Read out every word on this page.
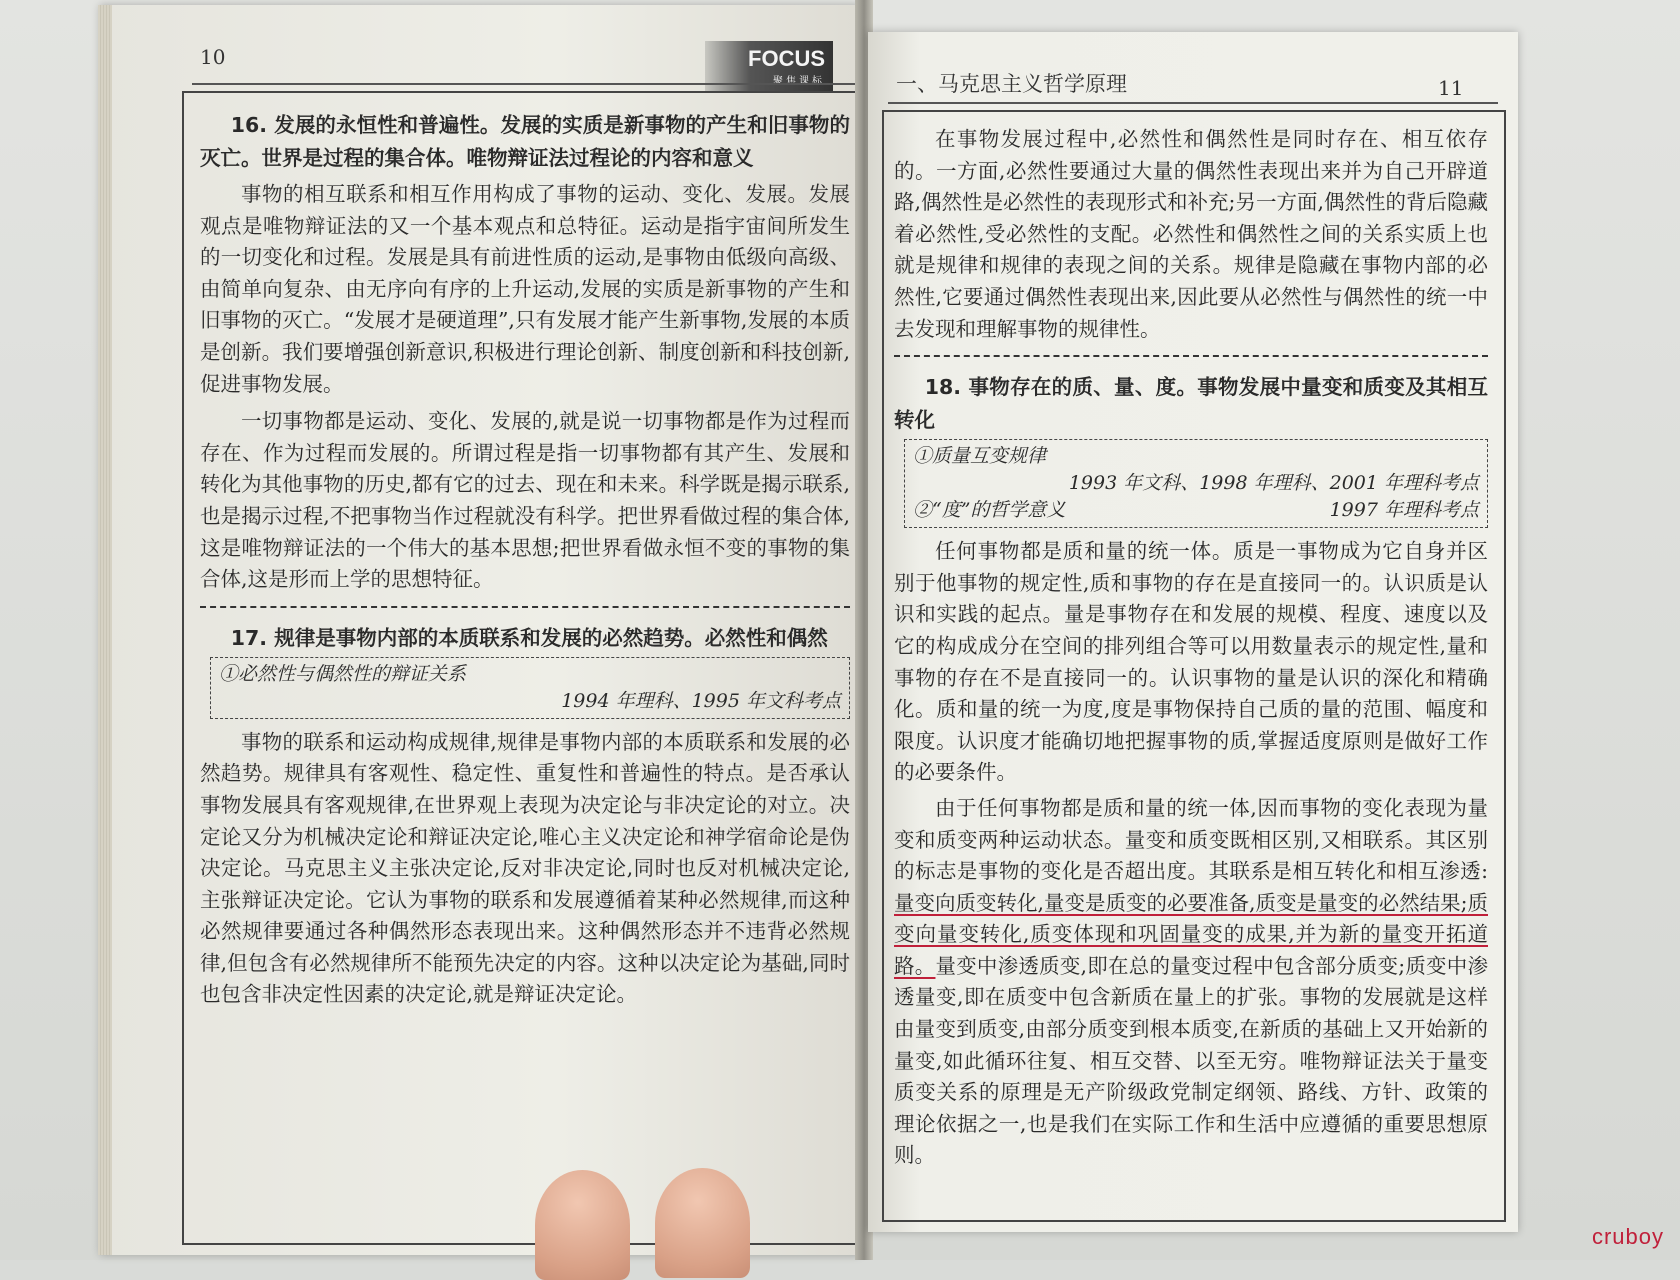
10	FOCUS
聚焦课标
16. 发展的永恒性和普遍性。发展的实质是新事物的产生和旧事物的灭亡。世界是过程的集合体。唯物辩证法过程论的内容和意义

事物的相互联系和相互作用构成了事物的运动、变化、发展。发展观点是唯物辩证法的又一个基本观点和总特征。运动是指宇宙间所发生的一切变化和过程。发展是具有前进性质的运动,是事物由低级向高级、由简单向复杂、由无序向有序的上升运动,发展的实质是新事物的产生和旧事物的灭亡。“发展才是硬道理”,只有发展才能产生新事物,发展的本质是创新。我们要增强创新意识,积极进行理论创新、制度创新和科技创新,促进事物发展。

一切事物都是运动、变化、发展的,就是说一切事物都是作为过程而存在、作为过程而发展的。所谓过程是指一切事物都有其产生、发展和转化为其他事物的历史,都有它的过去、现在和未来。科学既是揭示联系,也是揭示过程,不把事物当作过程就没有科学。把世界看做过程的集合体,这是唯物辩证法的一个伟大的基本思想;把世界看做永恒不变的事物的集合体,这是形而上学的思想特征。

17. 规律是事物内部的本质联系和发展的必然趋势。必然性和偶然
①必然性与偶然性的辩证关系
1994 年理科、1995 年文科考点

事物的联系和运动构成规律,规律是事物内部的本质联系和发展的必然趋势。规律具有客观性、稳定性、重复性和普遍性的特点。是否承认事物发展具有客观规律,在世界观上表现为决定论与非决定论的对立。决定论又分为机械决定论和辩证决定论,唯心主义决定论和神学宿命论是伪决定论。马克思主义主张决定论,反对非决定论,同时也反对机械决定论,主张辩证决定论。它认为事物的联系和发展遵循着某种必然规律,而这种必然规律要通过各种偶然形态表现出来。这种偶然形态并不违背必然规律,但包含有必然规律所不能预先决定的内容。这种以决定论为基础,同时也包含非决定性因素的决定论,就是辩证决定论。

一、马克思主义哲学原理	11

在事物发展过程中,必然性和偶然性是同时存在、相互依存的。一方面,必然性要通过大量的偶然性表现出来并为自己开辟道路,偶然性是必然性的表现形式和补充;另一方面,偶然性的背后隐藏着必然性,受必然性的支配。必然性和偶然性之间的关系实质上也就是规律和规律的表现之间的关系。规律是隐藏在事物内部的必然性,它要通过偶然性表现出来,因此要从必然性与偶然性的统一中去发现和理解事物的规律性。

18. 事物存在的质、量、度。事物发展中量变和质变及其相互转化
①质量互变规律
1993 年文科、1998 年理科、2001 年理科考点
②“度”的哲学意义	1997 年理科考点

任何事物都是质和量的统一体。质是一事物成为它自身并区别于他事物的规定性,质和事物的存在是直接同一的。认识质是认识和实践的起点。量是事物存在和发展的规模、程度、速度以及它的构成成分在空间的排列组合等可以用数量表示的规定性,量和事物的存在不是直接同一的。认识事物的量是认识的深化和精确化。质和量的统一为度,度是事物保持自己质的量的范围、幅度和限度。认识度才能确切地把握事物的质,掌握适度原则是做好工作的必要条件。

由于任何事物都是质和量的统一体,因而事物的变化表现为量变和质变两种运动状态。量变和质变既相区别,又相联系。其区别的标志是事物的变化是否超出度。其联系是相互转化和相互渗透:量变向质变转化,量变是质变的必要准备,质变是量变的必然结果;质变向量变转化,质变体现和巩固量变的成果,并为新的量变开拓道路。量变中渗透质变,即在总的量变过程中包含部分质变;质变中渗透量变,即在质变中包含新质在量上的扩张。事物的发展就是这样由量变到质变,由部分质变到根本质变,在新质的基础上又开始新的量变,如此循环往复、相互交替、以至无穷。唯物辩证法关于量变质变关系的原理是无产阶级政党制定纲领、路线、方针、政策的理论依据之一,也是我们在实际工作和生活中应遵循的重要思想原则。

cruboy
